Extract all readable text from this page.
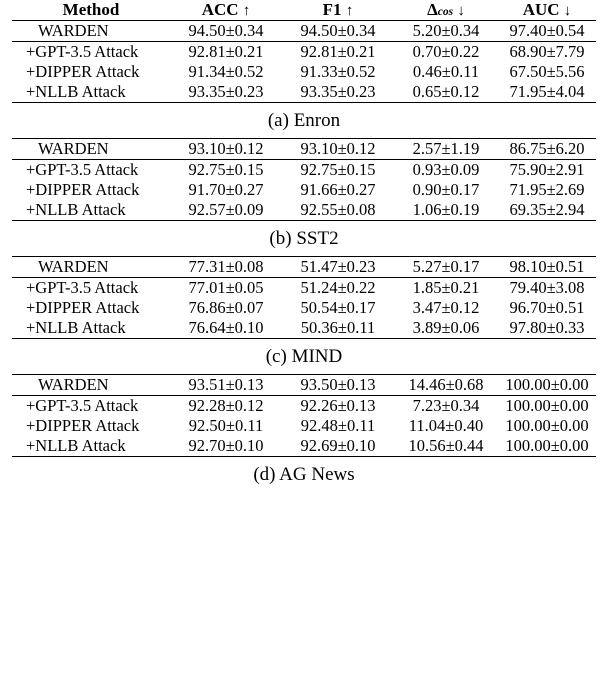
Method	ACC ↑	F1 ↑	Δcos ↓	AUC ↓
WARDEN	94.50±0.34	94.50±0.34	5.20±0.34	97.40±0.54
+GPT-3.5 Attack	92.81±0.21	92.81±0.21	0.70±0.22	68.90±7.79
+DIPPER Attack	91.34±0.52	91.33±0.52	0.46±0.11	67.50±5.56
+NLLB Attack	93.35±0.23	93.35±0.23	0.65±0.12	71.95±4.04

(a) Enron
WARDEN	93.10±0.12	93.10±0.12	2.57±1.19	86.75±6.20
+GPT-3.5 Attack	92.75±0.15	92.75±0.15	0.93±0.09	75.90±2.91
+DIPPER Attack	91.70±0.27	91.66±0.27	0.90±0.17	71.95±2.69
+NLLB Attack	92.57±0.09	92.55±0.08	1.06±0.19	69.35±2.94

(b) SST2
WARDEN	77.31±0.08	51.47±0.23	5.27±0.17	98.10±0.51
+GPT-3.5 Attack	77.01±0.05	51.24±0.22	1.85±0.21	79.40±3.08
+DIPPER Attack	76.86±0.07	50.54±0.17	3.47±0.12	96.70±0.51
+NLLB Attack	76.64±0.10	50.36±0.11	3.89±0.06	97.80±0.33

(c) MIND
WARDEN	93.51±0.13	93.50±0.13	14.46±0.68	100.00±0.00
+GPT-3.5 Attack	92.28±0.12	92.26±0.13	7.23±0.34	100.00±0.00
+DIPPER Attack	92.50±0.11	92.48±0.11	11.04±0.40	100.00±0.00
+NLLB Attack	92.70±0.10	92.69±0.10	10.56±0.44	100.00±0.00

(d) AG News
